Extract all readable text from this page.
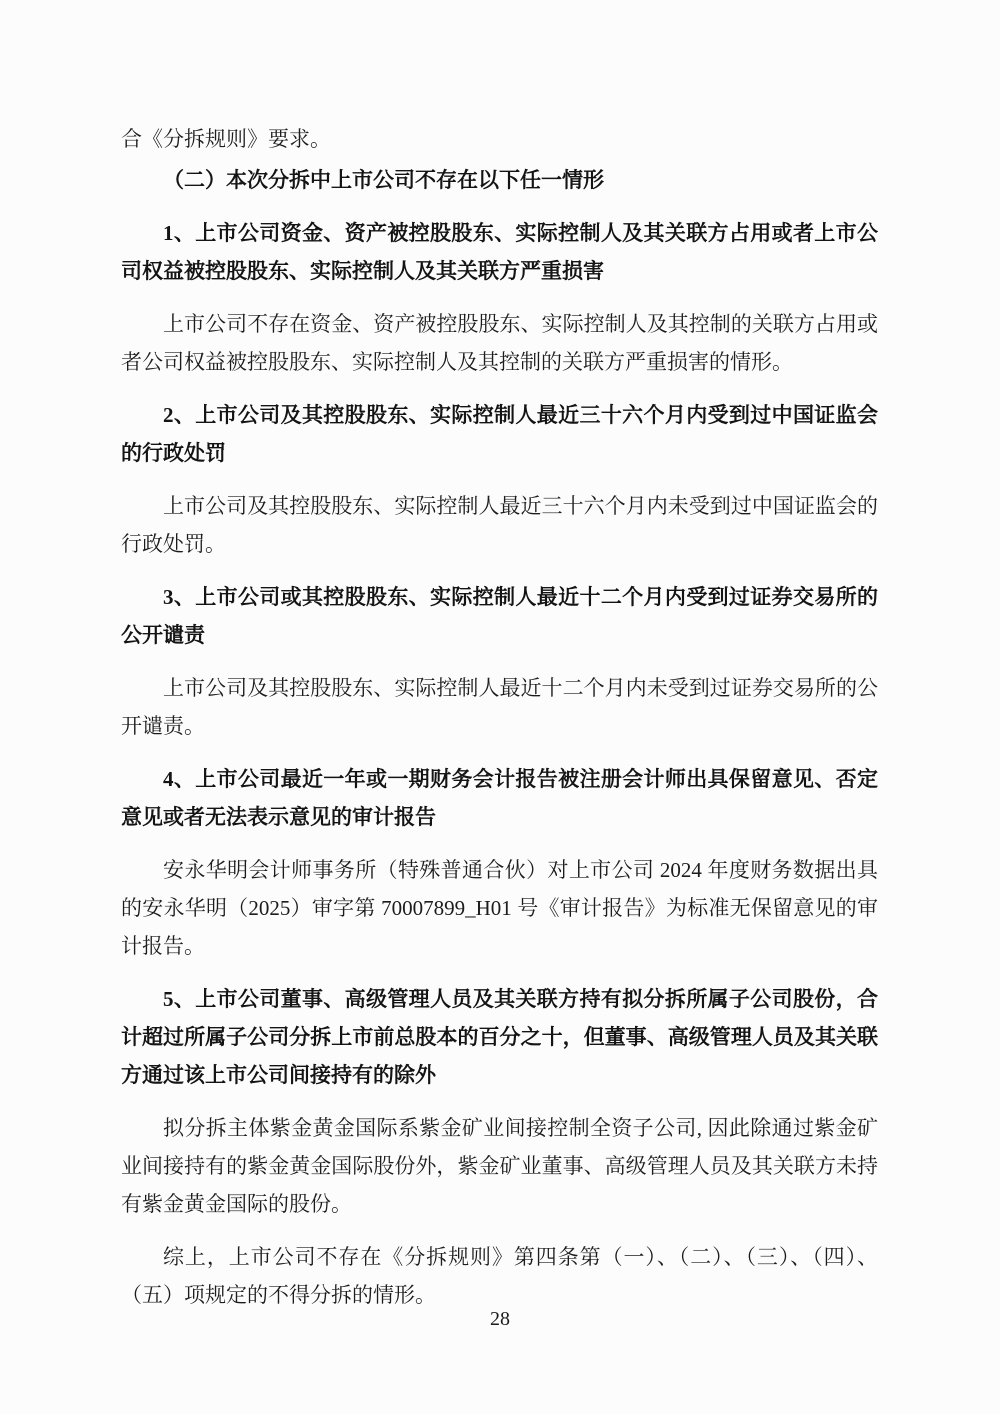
合《分拆规则》要求。

（二）本次分拆中上市公司不存在以下任一情形

1、上市公司资金、资产被控股股东、实际控制人及其关联方占用或者上市公司权益被控股股东、实际控制人及其关联方严重损害

上市公司不存在资金、资产被控股股东、实际控制人及其控制的关联方占用或者公司权益被控股股东、实际控制人及其控制的关联方严重损害的情形。

2、上市公司及其控股股东、实际控制人最近三十六个月内受到过中国证监会的行政处罚

上市公司及其控股股东、实际控制人最近三十六个月内未受到过中国证监会的行政处罚。

3、上市公司或其控股股东、实际控制人最近十二个月内受到过证券交易所的公开谴责

上市公司及其控股股东、实际控制人最近十二个月内未受到过证券交易所的公开谴责。

4、上市公司最近一年或一期财务会计报告被注册会计师出具保留意见、否定意见或者无法表示意见的审计报告

安永华明会计师事务所（特殊普通合伙）对上市公司 2024 年度财务数据出具的安永华明（2025）审字第 70007899_H01 号《审计报告》为标准无保留意见的审计报告。

5、上市公司董事、高级管理人员及其关联方持有拟分拆所属子公司股份，合计超过所属子公司分拆上市前总股本的百分之十，但董事、高级管理人员及其关联方通过该上市公司间接持有的除外

拟分拆主体紫金黄金国际系紫金矿业间接控制全资子公司, 因此除通过紫金矿业间接持有的紫金黄金国际股份外，紫金矿业董事、高级管理人员及其关联方未持有紫金黄金国际的股份。

综上，上市公司不存在《分拆规则》第四条第（一）、（二）、（三）、（四）、（五）项规定的不得分拆的情形。

28
